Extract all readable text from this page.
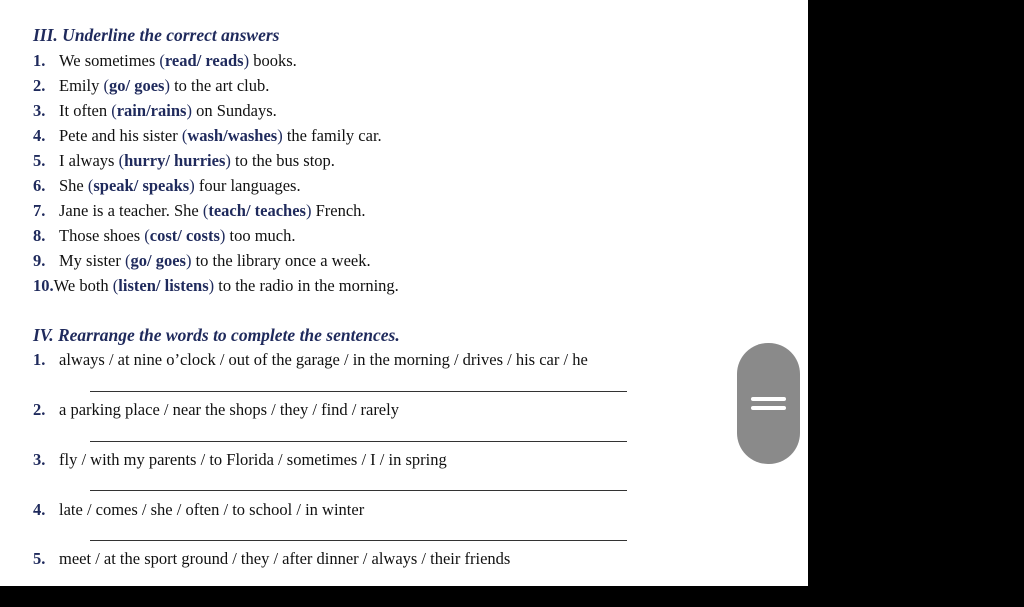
III. Underline the correct answers
1. We sometimes (read/ reads) books.
2. Emily (go/ goes) to the art club.
3. It often (rain/rains) on Sundays.
4. Pete and his sister (wash/washes) the family car.
5. I always (hurry/ hurries) to the bus stop.
6. She (speak/ speaks) four languages.
7. Jane is a teacher. She (teach/ teaches) French.
8. Those shoes (cost/ costs) too much.
9. My sister (go/ goes) to the library once a week.
10.We both (listen/ listens) to the radio in the morning.
IV. Rearrange the words to complete the sentences.
1. always / at nine o’clock / out of the garage / in the morning / drives / his car / he
2. a parking place / near the shops / they / find / rarely
3. fly / with my parents / to Florida / sometimes / I / in spring
4. late / comes / she / often / to school / in winter
5. meet / at the sport ground / they / after dinner / always / their friends
